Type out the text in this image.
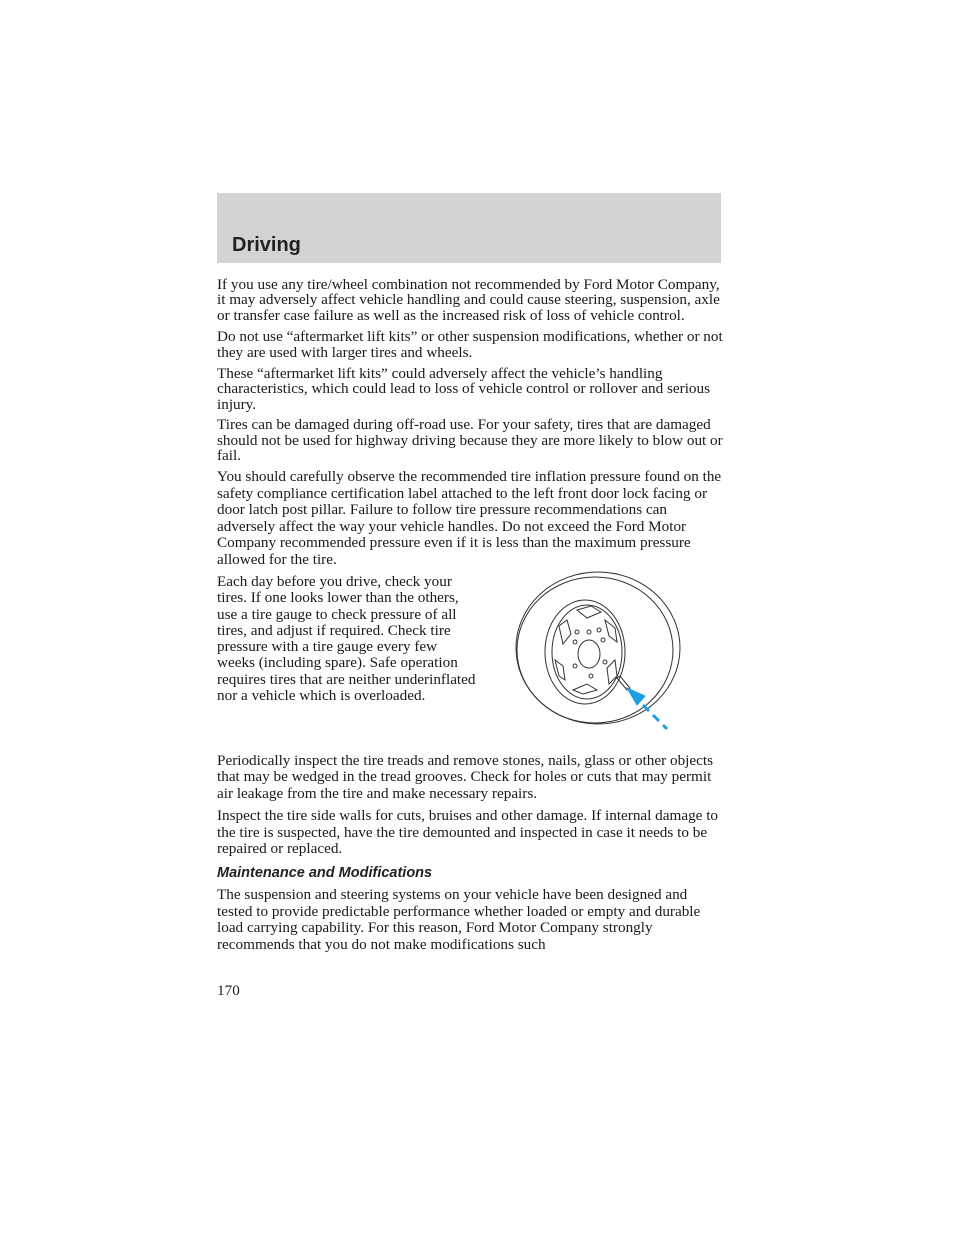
Driving

If you use any tire/wheel combination not recommended by Ford Motor Company, it may adversely affect vehicle handling and could cause steering, suspension, axle or transfer case failure as well as the increased risk of loss of vehicle control.

Do not use “aftermarket lift kits” or other suspension modifications, whether or not they are used with larger tires and wheels.

These “aftermarket lift kits” could adversely affect the vehicle’s handling characteristics, which could lead to loss of vehicle control or rollover and serious injury.

Tires can be damaged during off-road use. For your safety, tires that are damaged should not be used for highway driving because they are more likely to blow out or fail.

You should carefully observe the recommended tire inflation pressure found on the safety compliance certification label attached to the left front door lock facing or door latch post pillar. Failure to follow tire pressure recommendations can adversely affect the way your vehicle handles. Do not exceed the Ford Motor Company recommended pressure even if it is less than the maximum pressure allowed for the tire.

Each day before you drive, check your tires. If one looks lower than the others, use a tire gauge to check pressure of all tires, and adjust if required. Check tire pressure with a tire gauge every few weeks (including spare). Safe operation requires tires that are neither underinflated nor a vehicle which is overloaded.

Periodically inspect the tire treads and remove stones, nails, glass or other objects that may be wedged in the tread grooves. Check for holes or cuts that may permit air leakage from the tire and make necessary repairs.

Inspect the tire side walls for cuts, bruises and other damage. If internal damage to the tire is suspected, have the tire demounted and inspected in case it needs to be repaired or replaced.

Maintenance and Modifications

The suspension and steering systems on your vehicle have been designed and tested to provide predictable performance whether loaded or empty and durable load carrying capability. For this reason, Ford Motor Company strongly recommends that you do not make modifications such

170
